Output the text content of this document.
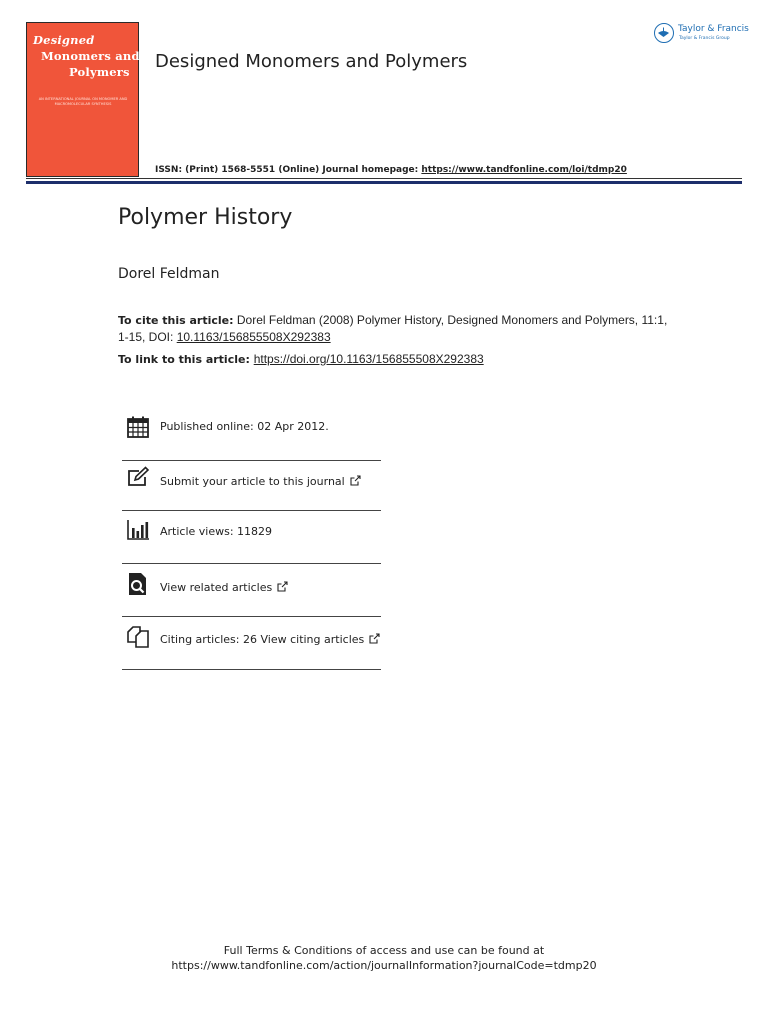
Designed
Monomers and
Polymers
AN INTERNATIONAL JOURNAL ON MONOMER AND MACROMOLECULAR SYNTHESIS
Designed Monomers and Polymers
Taylor & Francis
Taylor & Francis Group
ISSN: (Print) 1568-5551 (Online) Journal homepage: https://www.tandfonline.com/loi/tdmp20
Polymer History
Dorel Feldman
To cite this article: Dorel Feldman (2008) Polymer History, Designed Monomers and Polymers, 11:1, 1-15, DOI: 10.1163/156855508X292383
To link to this article: https://doi.org/10.1163/156855508X292383
Published online: 02 Apr 2012.
Submit your article to this journal
Article views: 11829
View related articles
Citing articles: 26 View citing articles
Full Terms & Conditions of access and use can be found at
https://www.tandfonline.com/action/journalInformation?journalCode=tdmp20
